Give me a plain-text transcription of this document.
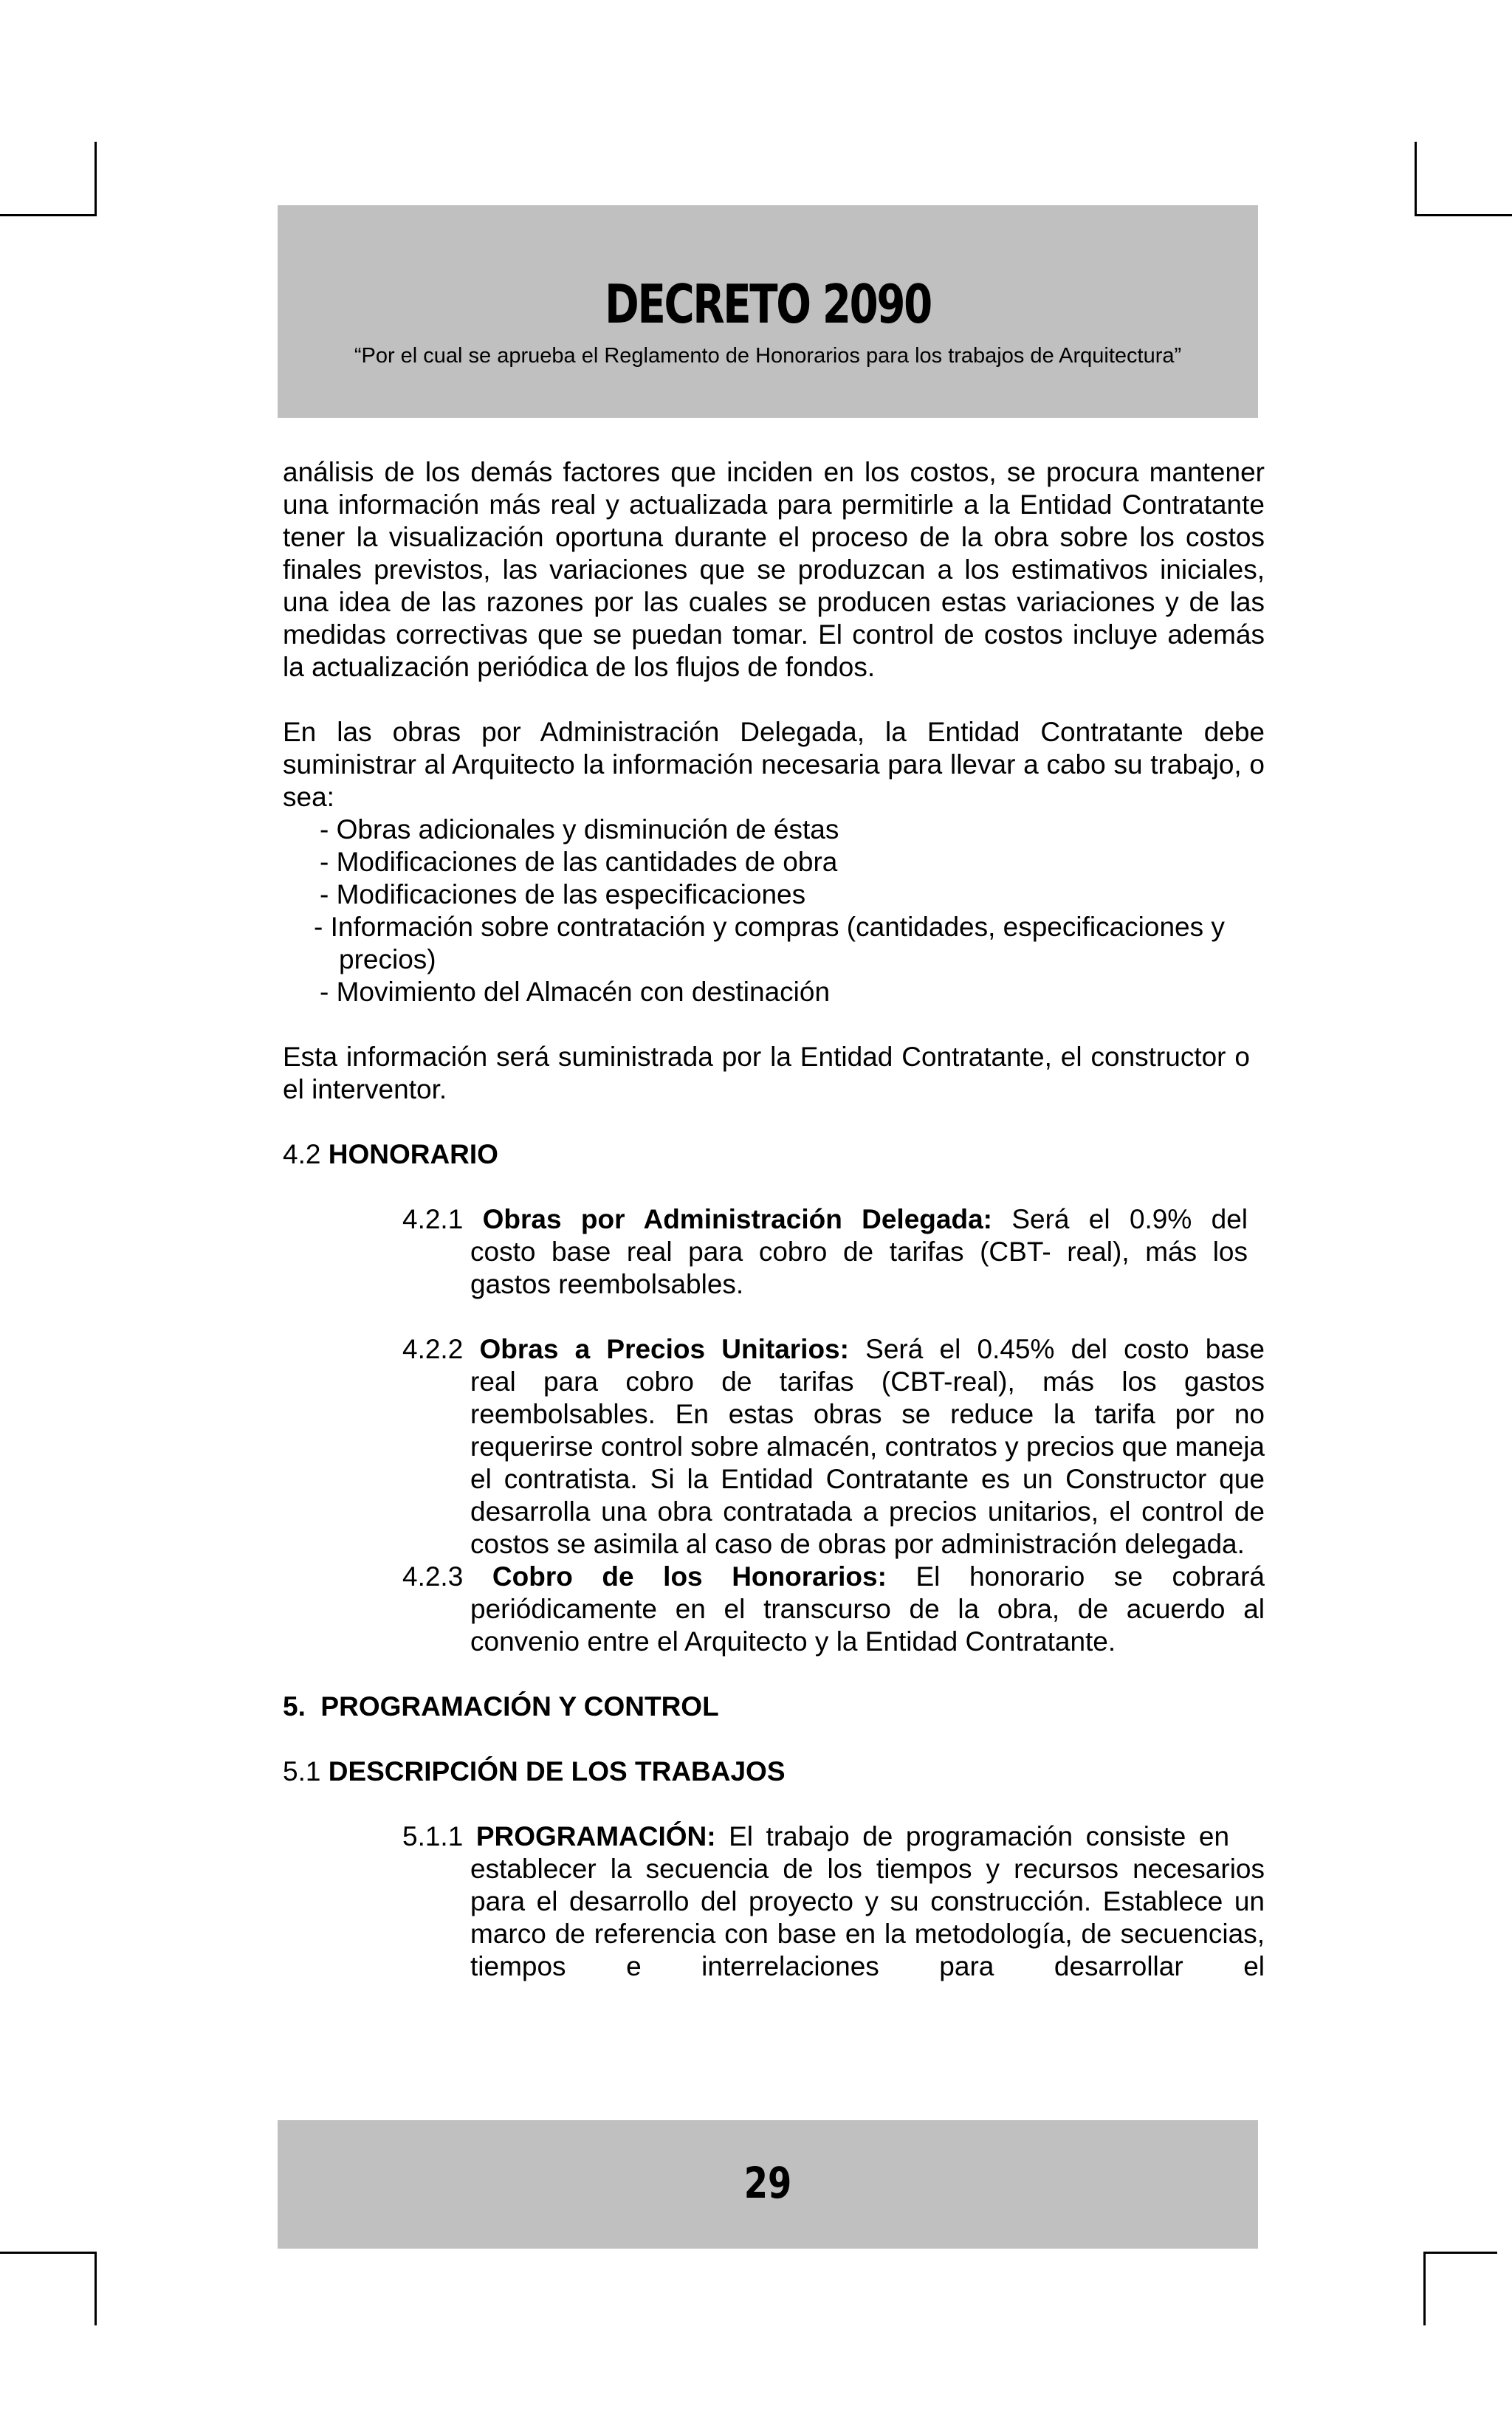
DECRETO 2090
“Por el cual se aprueba el Reglamento de Honorarios para los trabajos de Arquitectura”

análisis de los demás factores que inciden en los costos, se procura mantener una información más real y actualizada para permitirle a la Entidad Contratante tener la visualización oportuna durante el proceso de la obra sobre los costos finales previstos, las variaciones que se produzcan a los estimativos iniciales, una idea de las razones por las cuales se producen estas variaciones y de las medidas correctivas que se puedan tomar. El control de costos incluye además la actualización periódica de los flujos de fondos.

En las obras por Administración Delegada, la Entidad Contratante debe suministrar al Arquitecto la información necesaria para llevar a cabo su trabajo, o sea:

- Obras adicionales y disminución de éstas
- Modificaciones de las cantidades de obra
- Modificaciones de las especificaciones
- Información sobre contratación y compras (cantidades, especificaciones y
precios)
- Movimiento del Almacén con destinación

Esta información será suministrada por la Entidad Contratante, el constructor o el interventor.

4.2 HONORARIO

4.2.1 Obras por Administración Delegada: Será el 0.9% del

costo base real para cobro de tarifas (CBT- real), más los gastos reembolsables.

4.2.2 Obras a Precios Unitarios: Será el 0.45% del costo base

real para cobro de tarifas (CBT-real), más los gastos reembolsables. En estas obras se reduce la tarifa por no requerirse control sobre almacén, contratos y precios que maneja el contratista. Si la Entidad Contratante es un Constructor que desarrolla una obra contratada a precios unitarios, el control de costos se asimila al caso de obras por administración delegada.

4.2.3 Cobro de los Honorarios: El honorario se cobrará

periódicamente en el transcurso de la obra, de acuerdo al convenio entre el Arquitecto y la Entidad Contratante.

5. PROGRAMACIÓN Y CONTROL

5.1 DESCRIPCIÓN DE LOS TRABAJOS

5.1.1 PROGRAMACIÓN: El trabajo de programación consiste en

establecer la secuencia de los tiempos y recursos necesarios para el desarrollo del proyecto y su construcción. Establece un marco de referencia con base en la metodología, de secuencias, tiempos e interrelaciones para desarrollar el

29
